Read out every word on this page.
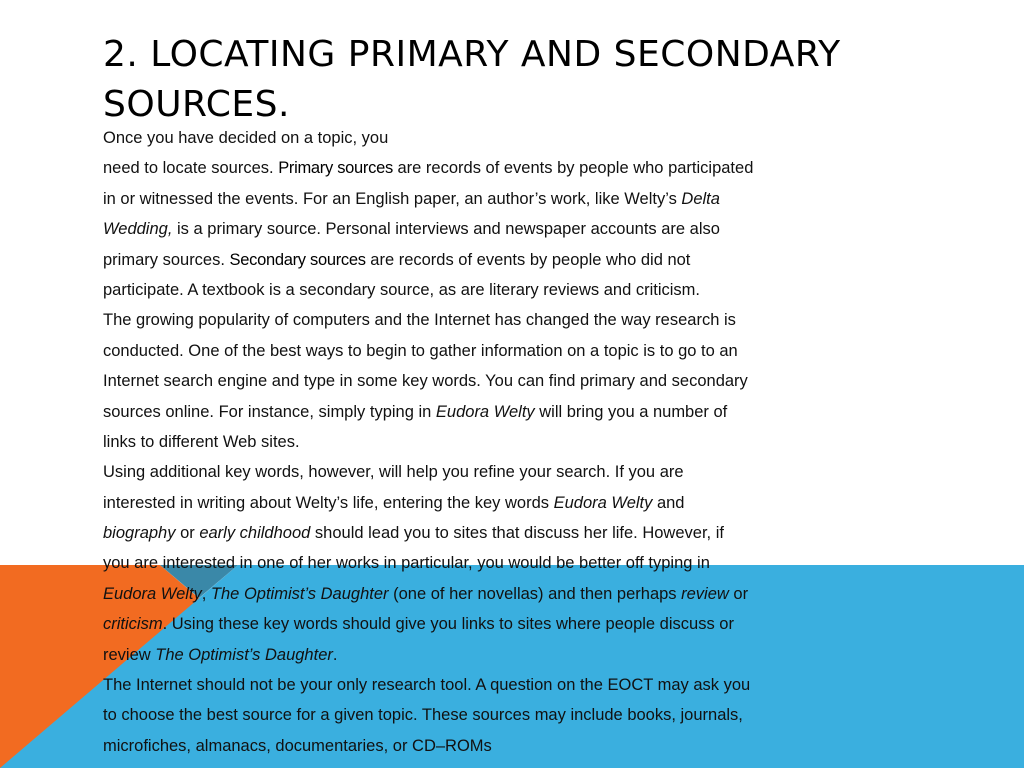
2. LOCATING PRIMARY AND SECONDARY
SOURCES.
Once you have decided on a topic, you
need to locate sources. Primary sources are records of events by people who participated
in or witnessed the events. For an English paper, an author’s work, like Welty’s Delta
Wedding, is a primary source. Personal interviews and newspaper accounts are also
primary sources. Secondary sources are records of events by people who did not
participate. A textbook is a secondary source, as are literary reviews and criticism.
The growing popularity of computers and the Internet has changed the way research is
conducted. One of the best ways to begin to gather information on a topic is to go to an
Internet search engine and type in some key words. You can find primary and secondary
sources online. For instance, simply typing in Eudora Welty will bring you a number of
links to different Web sites.
Using additional key words, however, will help you refine your search. If you are
interested in writing about Welty’s life, entering the key words Eudora Welty and
biography or early childhood should lead you to sites that discuss her life. However, if
you are interested in one of her works in particular, you would be better off typing in
Eudora Welty, The Optimist’s Daughter (one of her novellas) and then perhaps review or
criticism. Using these key words should give you links to sites where people discuss or
review The Optimist’s Daughter.
The Internet should not be your only research tool. A question on the EOCT may ask you
to choose the best source for a given topic. These sources may include books, journals,
microfiches, almanacs, documentaries, or CD–ROMs
